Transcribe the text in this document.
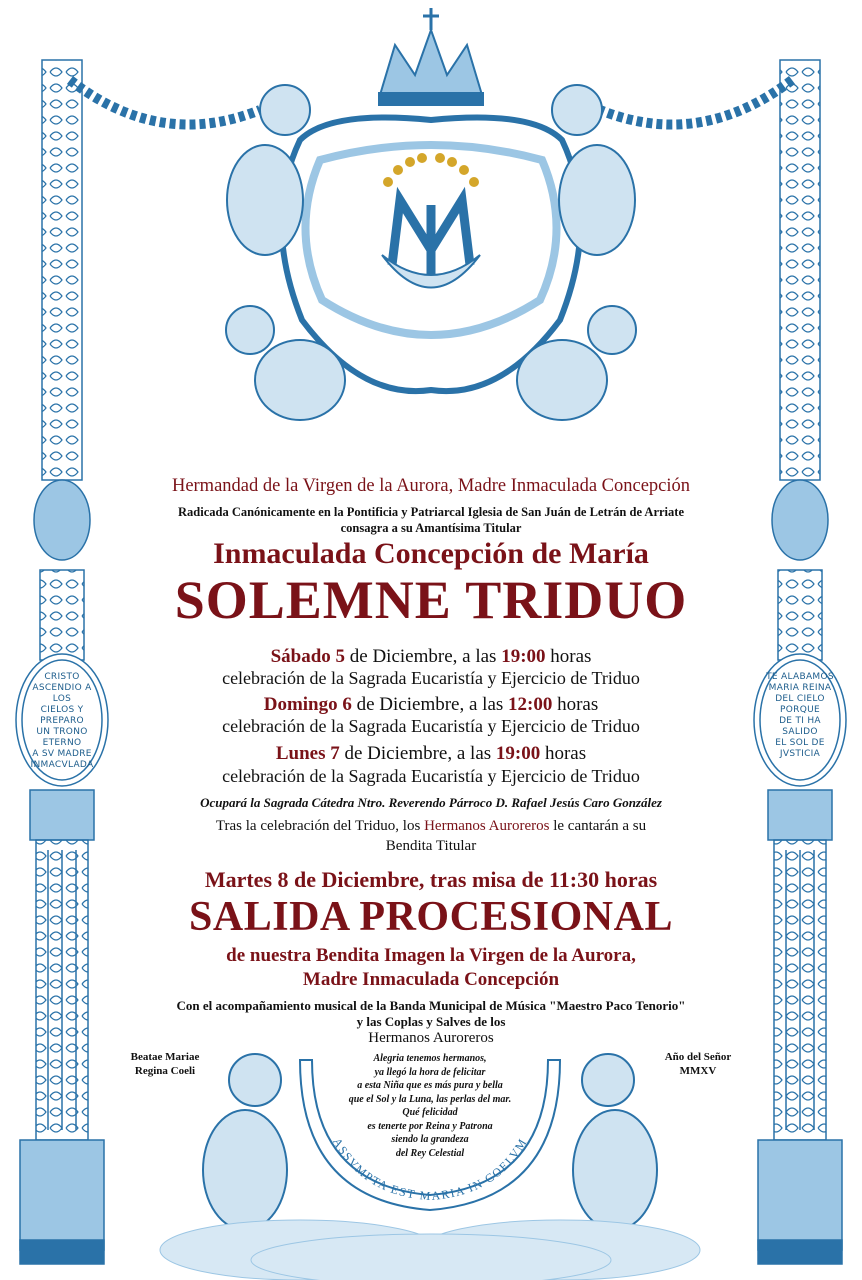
ASSVMPTA EST MARIA IN COELVM
CRISTO
ASCENDIO A LOS
CIELOS Y PREPARO
UN TRONO ETERNO
A SV MADRE
INMACVLADA
TE ALABAMOS
MARIA REINA
DEL CIELO PORQUE
DE TI HA SALIDO
EL SOL DE
JVSTICIA

Hermandad de la Virgen de la Aurora, Madre Inmaculada Concepción

Radicada Canónicamente en la Pontificia y Patriarcal Iglesia de San Juán de Letrán de Arriate

consagra a su Amantísima Titular

Inmaculada Concepción de María

SOLEMNE TRIDUO

Sábado 5 de Diciembre, a las 19:00 horas

celebración de la Sagrada Eucaristía y Ejercicio de Triduo

Domingo 6 de Diciembre, a las 12:00 horas

celebración de la Sagrada Eucaristía y Ejercicio de Triduo

Lunes 7 de Diciembre, a las 19:00 horas

celebración de la Sagrada Eucaristía y Ejercicio de Triduo

Ocupará la Sagrada Cátedra Ntro. Reverendo Párroco D. Rafael Jesús Caro González

Tras la celebración del Triduo, los Hermanos Auroreros le cantarán a su

Bendita Titular

Martes 8 de Diciembre, tras misa de 11:30 horas

SALIDA PROCESIONAL

de nuestra Bendita Imagen la Virgen de la Aurora,

Madre Inmaculada Concepción

Con el acompañamiento musical de la Banda Municipal de Música "Maestro Paco Tenorio"

y las Coplas y Salves de los

Hermanos Auroreros

Beatae Mariae
Regina Coeli
Año del Señor
MMXV
Alegria tenemos hermanos,
ya llegó la hora de felicitar
a esta Niña que es más pura y bella
que el Sol y la Luna, las perlas del mar.
Qué felicidad
es tenerte por Reina y Patrona
siendo la grandeza
del Rey Celestial
